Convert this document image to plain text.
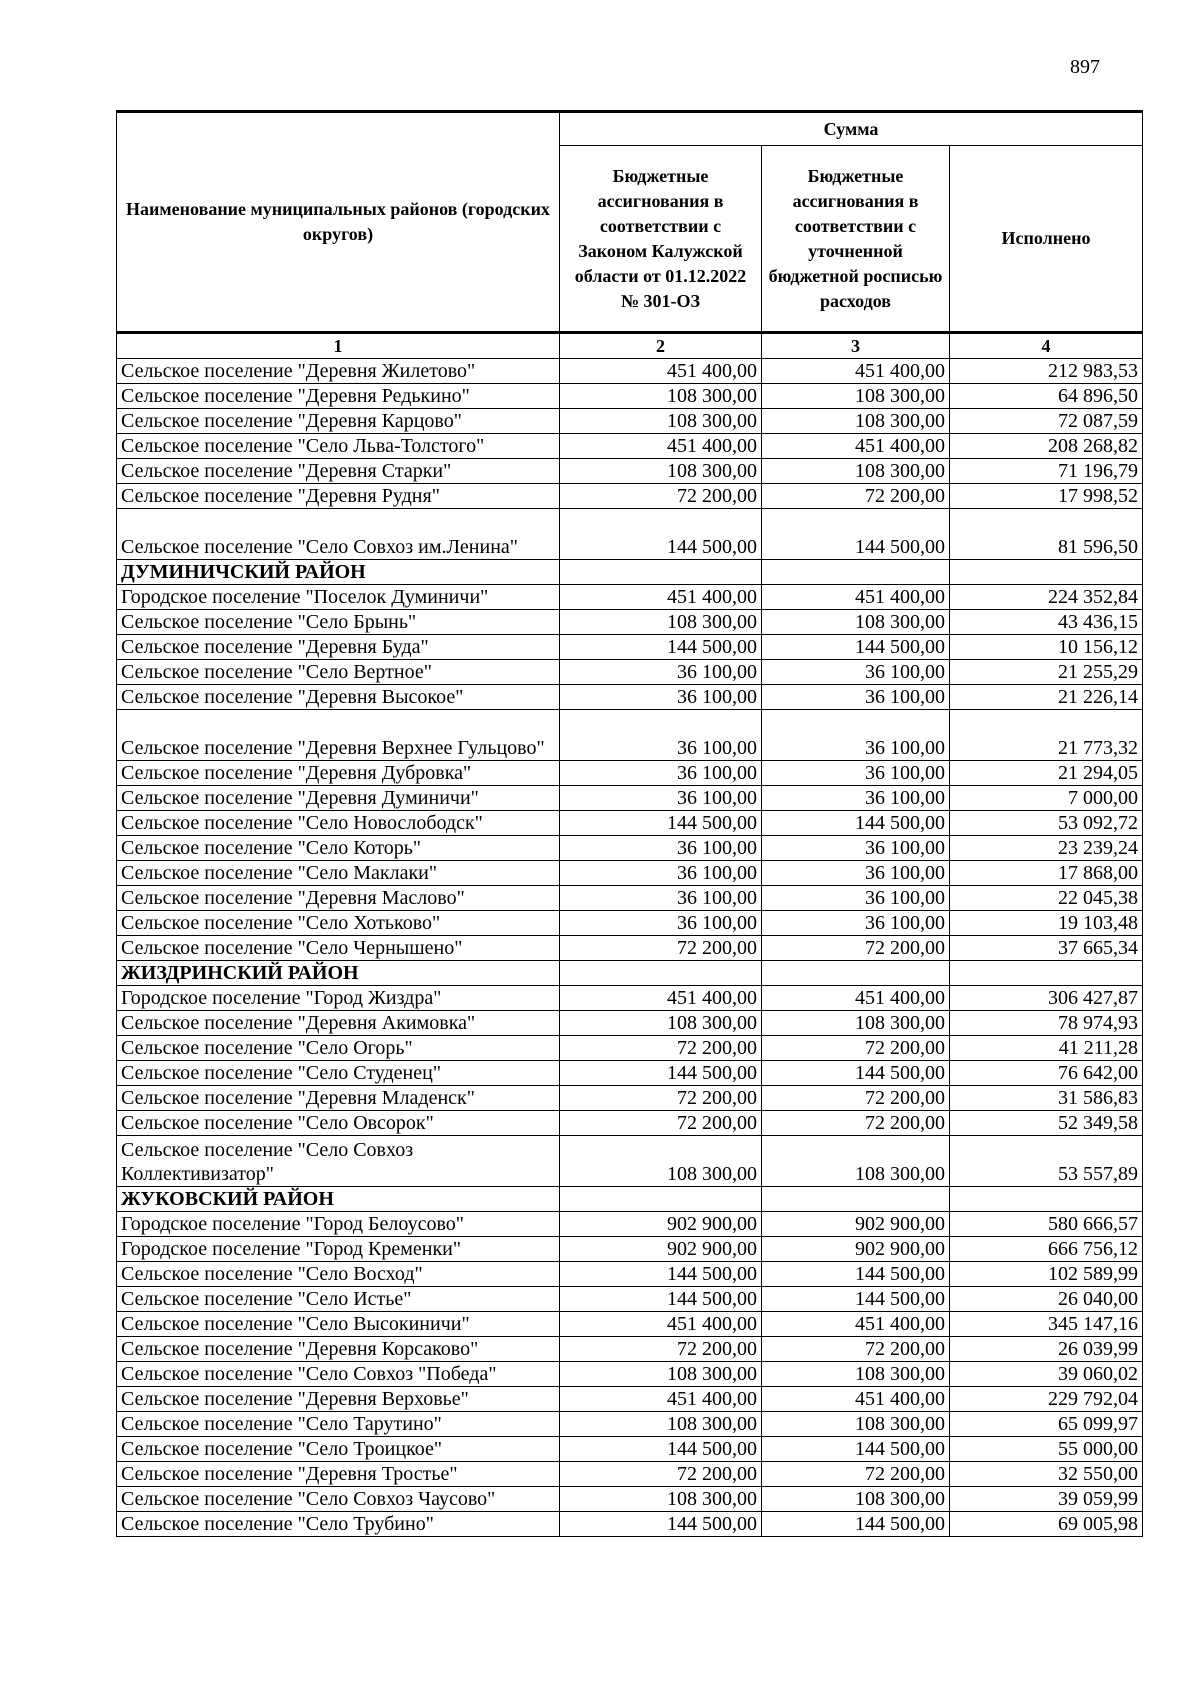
897
Наименование муниципальных районов (городских округов)	Сумма		
	Бюджетные ассигнования в соответствии с Законом Калужской области от 01.12.2022 № 301-ОЗ	Бюджетные ассигнования в соответствии с уточненной бюджетной росписью расходов	Исполнено
1	2	3	4
Сельское поселение "Деревня Жилетово"	451 400,00	451 400,00	212 983,53
Сельское поселение "Деревня Редькино"	108 300,00	108 300,00	64 896,50
Сельское поселение "Деревня Карцово"	108 300,00	108 300,00	72 087,59
Сельское поселение "Село Льва-Толстого"	451 400,00	451 400,00	208 268,82
Сельское поселение "Деревня Старки"	108 300,00	108 300,00	71 196,79
Сельское поселение "Деревня Рудня"	72 200,00	72 200,00	17 998,52
Сельское поселение "Село Совхоз им.Ленина"	144 500,00	144 500,00	81 596,50
ДУМИНИЧСКИЙ РАЙОН			
Городское поселение "Поселок Думиничи"	451 400,00	451 400,00	224 352,84
Сельское поселение "Село Брынь"	108 300,00	108 300,00	43 436,15
Сельское поселение "Деревня Буда"	144 500,00	144 500,00	10 156,12
Сельское поселение "Село Вертное"	36 100,00	36 100,00	21 255,29
Сельское поселение "Деревня Высокое"	36 100,00	36 100,00	21 226,14
Сельское поселение "Деревня Верхнее Гульцово"	36 100,00	36 100,00	21 773,32
Сельское поселение "Деревня Дубровка"	36 100,00	36 100,00	21 294,05
Сельское поселение "Деревня Думиничи"	36 100,00	36 100,00	7 000,00
Сельское поселение "Село Новослободск"	144 500,00	144 500,00	53 092,72
Сельское поселение "Село Которь"	36 100,00	36 100,00	23 239,24
Сельское поселение "Село Маклаки"	36 100,00	36 100,00	17 868,00
Сельское поселение "Деревня Маслово"	36 100,00	36 100,00	22 045,38
Сельское поселение "Село Хотьково"	36 100,00	36 100,00	19 103,48
Сельское поселение "Село Чернышено"	72 200,00	72 200,00	37 665,34
ЖИЗДРИНСКИЙ РАЙОН			
Городское поселение "Город Жиздра"	451 400,00	451 400,00	306 427,87
Сельское поселение "Деревня Акимовка"	108 300,00	108 300,00	78 974,93
Сельское поселение "Село Огорь"	72 200,00	72 200,00	41 211,28
Сельское поселение "Село Студенец"	144 500,00	144 500,00	76 642,00
Сельское поселение "Деревня Младенск"	72 200,00	72 200,00	31 586,83
Сельское поселение "Село Овсорок"	72 200,00	72 200,00	52 349,58
Сельское поселение "Село Совхоз Коллективизатор"	108 300,00	108 300,00	53 557,89
ЖУКОВСКИЙ РАЙОН			
Городское поселение "Город Белоусово"	902 900,00	902 900,00	580 666,57
Городское поселение "Город Кременки"	902 900,00	902 900,00	666 756,12
Сельское поселение "Село Восход"	144 500,00	144 500,00	102 589,99
Сельское поселение "Село Истье"	144 500,00	144 500,00	26 040,00
Сельское поселение "Село Высокиничи"	451 400,00	451 400,00	345 147,16
Сельское поселение "Деревня Корсаково"	72 200,00	72 200,00	26 039,99
Сельское поселение "Село Совхоз "Победа"	108 300,00	108 300,00	39 060,02
Сельское поселение "Деревня Верховье"	451 400,00	451 400,00	229 792,04
Сельское поселение "Село Тарутино"	108 300,00	108 300,00	65 099,97
Сельское поселение "Село Троицкое"	144 500,00	144 500,00	55 000,00
Сельское поселение "Деревня Тростье"	72 200,00	72 200,00	32 550,00
Сельское поселение "Село Совхоз Чаусово"	108 300,00	108 300,00	39 059,99
Сельское поселение "Село Трубино"	144 500,00	144 500,00	69 005,98
